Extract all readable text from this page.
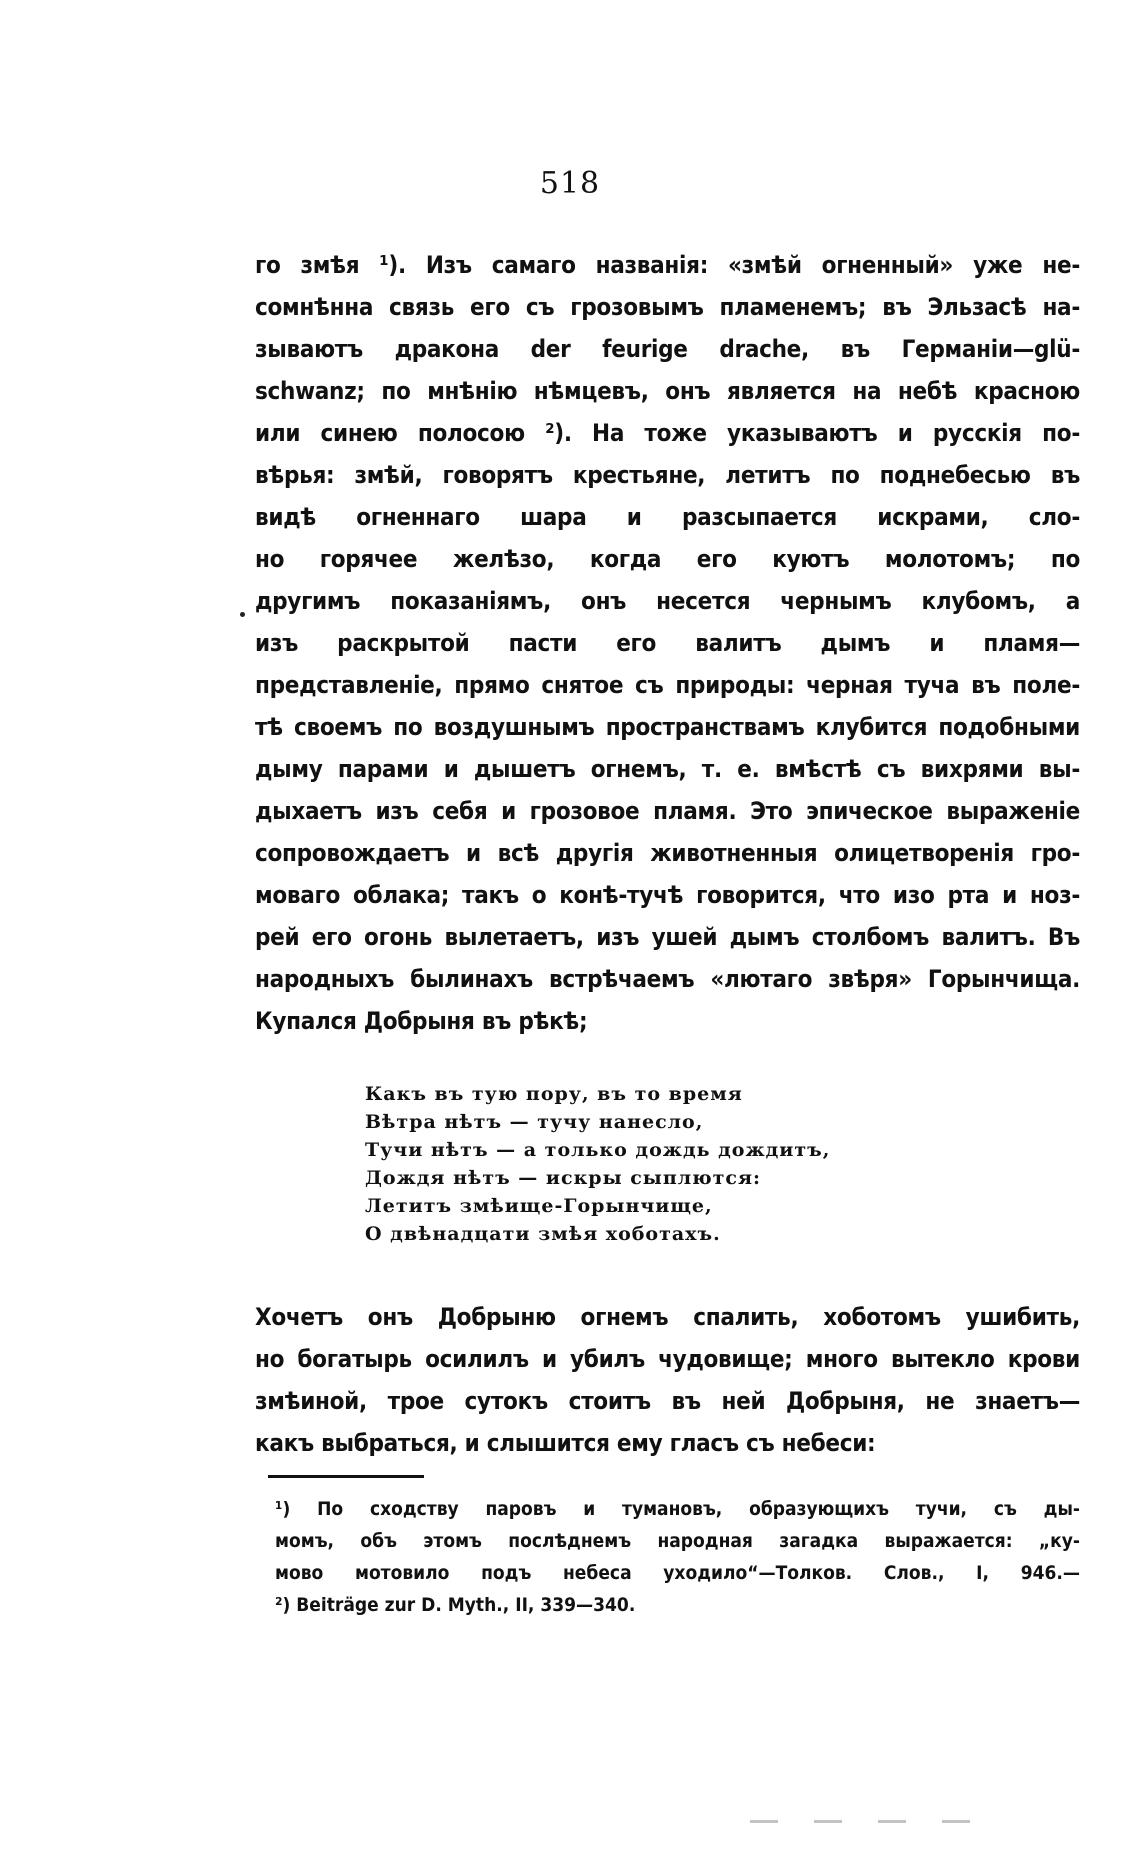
518
го змѣя ¹). Изъ самаго названія: «змѣй огненный» уже не-
сомнѣнна связь его съ грозовымъ пламенемъ; въ Эльзасѣ на-
зываютъ дракона der feurige drache, въ Германіи—glü-
schwanz; по мнѣнію нѣмцевъ, онъ является на небѣ красною
или синею полосою ²). На тоже указываютъ и русскія по-
вѣрья: змѣй, говорятъ крестьяне, летитъ по поднебесью въ
видѣ огненнаго шара и разсыпается искрами, сло-
но горячее желѣзо, когда его куютъ молотомъ; по
другимъ показаніямъ, онъ несется чернымъ клубомъ, а
изъ раскрытой пасти его валитъ дымъ и пламя—
представленіе, прямо снятое съ природы: черная туча въ поле-
тѣ своемъ по воздушнымъ пространствамъ клубится подобными
дыму парами и дышетъ огнемъ, т. е. вмѣстѣ съ вихрями вы-
дыхаетъ изъ себя и грозовое пламя. Это эпическое выраженіе
сопровождаетъ и всѣ другія животненныя олицетворенія гро-
моваго облака; такъ о конѣ-тучѣ говорится, что изо рта и ноз-
рей его огонь вылетаетъ, изъ ушей дымъ столбомъ валитъ. Въ
народныхъ былинахъ встрѣчаемъ «лютаго звѣря» Горынчища.
Купался Добрыня въ рѣкѣ;
Какъ въ тую пору, въ то время
Вѣтра нѣтъ — тучу нанесло,
Тучи нѣтъ — а только дождь дождитъ,
Дождя нѣтъ — искры сыплются:
Летитъ змѣище-Горынчище,
О двѣнадцати змѣя хоботахъ.
Хочетъ онъ Добрыню огнемъ спалить, хоботомъ ушибить,
но богатырь осилилъ и убилъ чудовище; много вытекло крови
змѣиной, трое сутокъ стоитъ въ ней Добрыня, не знаетъ—
какъ выбраться, и слышится ему гласъ съ небеси:
¹) По сходству паровъ и тумановъ, образующихъ тучи, съ ды-
момъ, объ этомъ послѣднемъ народная загадка выражается: „ку-
мово мотовило подъ небеса уходило“—Толков. Слов., I, 946.—
²) Beiträge zur D. Myth., II, 339—340.
